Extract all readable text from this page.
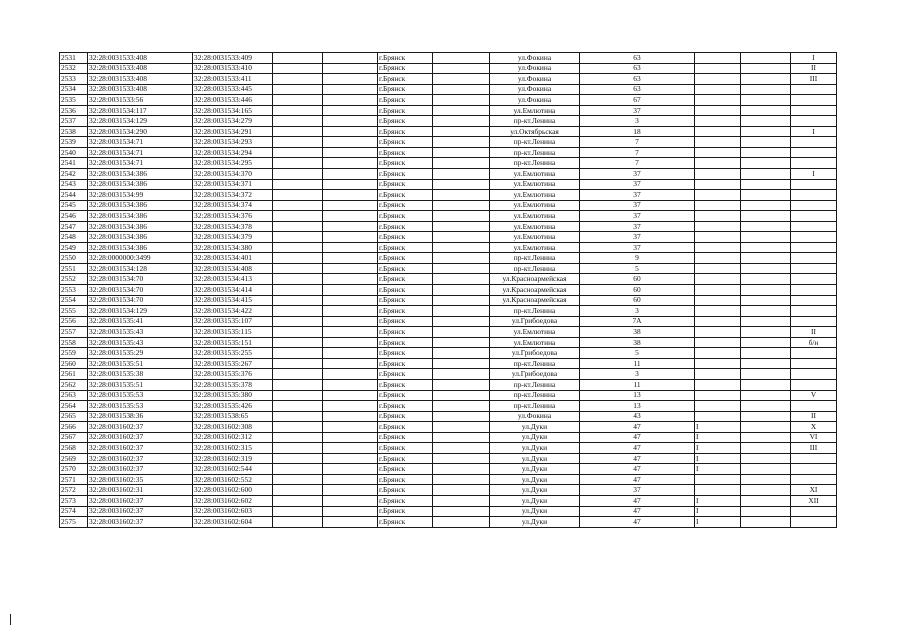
2531	32:28:0031533:408	32:28:0031533:409			г.Брянск		ул.Фокина	63			I
2532	32:28:0031533:408	32:28:0031533:410			г.Брянск		ул.Фокина	63			II
2533	32:28:0031533:408	32:28:0031533:411			г.Брянск		ул.Фокина	63			III
2534	32:28:0031533:408	32:28:0031533:445			г.Брянск		ул.Фокина	63			
2535	32:28:0031533:56	32:28:0031533:446			г.Брянск		ул.Фокина	67			
2536	32:28:0031534:117	32:28:0031534:165			г.Брянск		ул.Емлютина	37			
2537	32:28:0031534:129	32:28:0031534:279			г.Брянск		пр-кт.Ленина	3			
2538	32:28:0031534:290	32:28:0031534:291			г.Брянск		ул.Октябрьская	18			I
2539	32:28:0031534:71	32:28:0031534:293			г.Брянск		пр-кт.Ленина	7			
2540	32:28:0031534:71	32:28:0031534:294			г.Брянск		пр-кт.Ленина	7			
2541	32:28:0031534:71	32:28:0031534:295			г.Брянск		пр-кт.Ленина	7			
2542	32:28:0031534:386	32:28:0031534:370			г.Брянск		ул.Емлютина	37			I
2543	32:28:0031534:386	32:28:0031534:371			г.Брянск		ул.Емлютина	37			
2544	32:28:0031534:99	32:28:0031534:372			г.Брянск		ул.Емлютина	37			
2545	32:28:0031534:386	32:28:0031534:374			г.Брянск		ул.Емлютина	37			
2546	32:28:0031534:386	32:28:0031534:376			г.Брянск		ул.Емлютина	37			
2547	32:28:0031534:386	32:28:0031534:378			г.Брянск		ул.Емлютина	37			
2548	32:28:0031534:386	32:28:0031534:379			г.Брянск		ул.Емлютина	37			
2549	32:28:0031534:386	32:28:0031534:380			г.Брянск		ул.Емлютина	37			
2550	32:28:0000000:3499	32:28:0031534:401			г.Брянск		пр-кт.Ленина	9			
2551	32:28:0031534:128	32:28:0031534:408			г.Брянск		пр-кт.Ленина	5			
2552	32:28:0031534:70	32:28:0031534:413			г.Брянск		ул.Красноармейская	60			
2553	32:28:0031534:70	32:28:0031534:414			г.Брянск		ул.Красноармейская	60			
2554	32:28:0031534:70	32:28:0031534:415			г.Брянск		ул.Красноармейская	60			
2555	32:28:0031534:129	32:28:0031534:422			г.Брянск		пр-кт.Ленина	3			
2556	32:28:0031535:41	32:28:0031535:107			г.Брянск		ул.Грибоедова	7А			
2557	32:28:0031535:43	32:28:0031535:115			г.Брянск		ул.Емлютина	38			II
2558	32:28:0031535:43	32:28:0031535:151			г.Брянск		ул.Емлютина	38			б/н
2559	32:28:0031535:29	32:28:0031535:255			г.Брянск		ул.Грибоедова	5			
2560	32:28:0031535:51	32:28:0031535:267			г.Брянск		пр-кт.Ленина	11			
2561	32:28:0031535:38	32:28:0031535:376			г.Брянск		ул.Грибоедова	3			
2562	32:28:0031535:51	32:28:0031535:378			г.Брянск		пр-кт.Ленина	11			
2563	32:28:0031535:53	32:28:0031535:380			г.Брянск		пр-кт.Ленина	13			V
2564	32:28:0031535:53	32:28:0031535:426			г.Брянск		пр-кт.Ленина	13			
2565	32:28:0031538:36	32:28:0031538:65			г.Брянск		ул.Фокина	43			II
2566	32:28:0031602:37	32:28:0031602:308			г.Брянск		ул.Дуки	47	I		X
2567	32:28:0031602:37	32:28:0031602:312			г.Брянск		ул.Дуки	47	I		VI
2568	32:28:0031602:37	32:28:0031602:315			г.Брянск		ул.Дуки	47	I		III
2569	32:28:0031602:37	32:28:0031602:319			г.Брянск		ул.Дуки	47	I		
2570	32:28:0031602:37	32:28:0031602:544			г.Брянск		ул.Дуки	47	I		
2571	32:28:0031602:35	32:28:0031602:552			г.Брянск		ул.Дуки	47			
2572	32:28:0031602:31	32:28:0031602:600			г.Брянск		ул.Дуки	37			XI
2573	32:28:0031602:37	32:28:0031602:602			г.Брянск		ул.Дуки	47	I		XII
2574	32:28:0031602:37	32:28:0031602:603			г.Брянск		ул.Дуки	47	I		
2575	32:28:0031602:37	32:28:0031602:604			г.Брянск		ул.Дуки	47	I		
